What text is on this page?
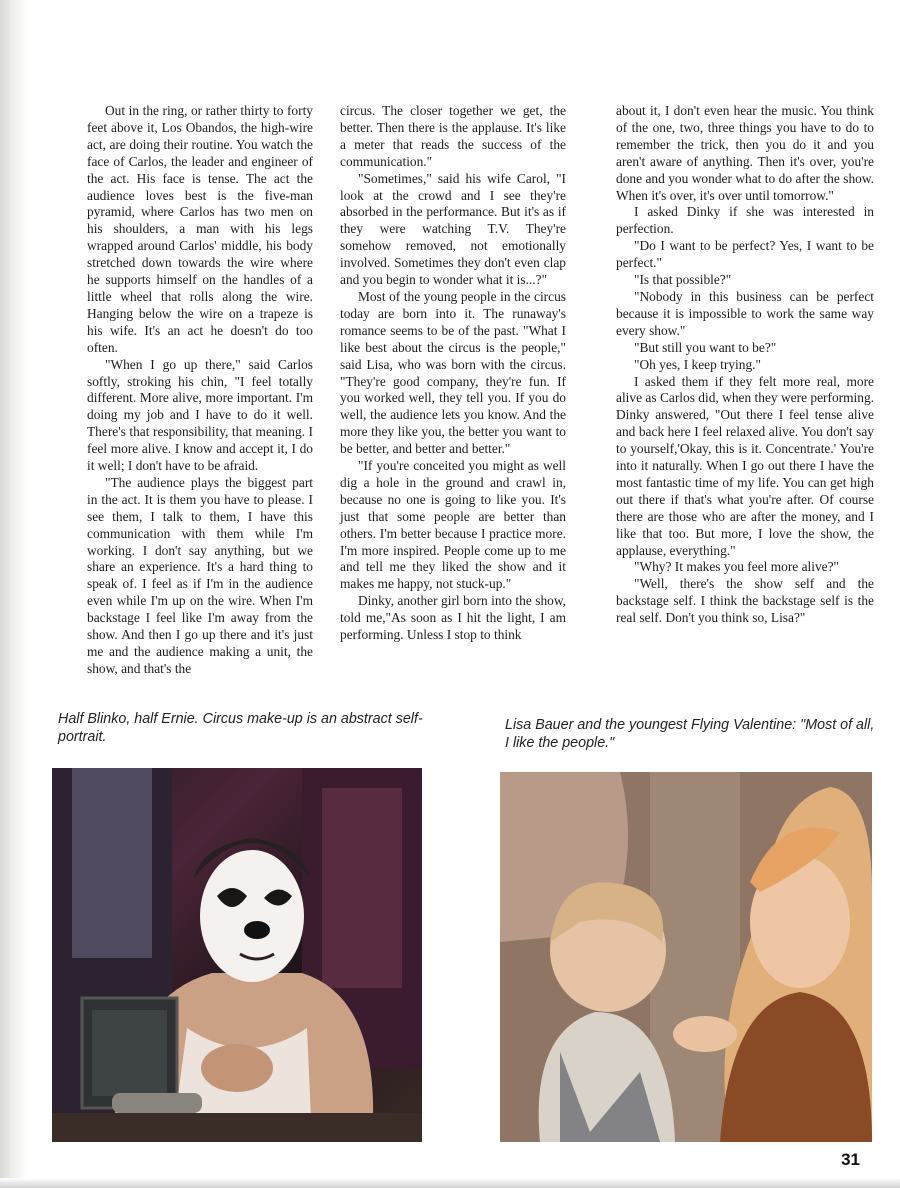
Out in the ring, or rather thirty to forty feet above it, Los Obandos, the high-wire act, are doing their routine. You watch the face of Carlos, the leader and engineer of the act. His face is tense. The act the audience loves best is the five-man pyramid, where Carlos has two men on his shoulders, a man with his legs wrapped around Carlos' middle, his body stretched down towards the wire where he supports himself on the handles of a little wheel that rolls along the wire. Hanging below the wire on a trapeze is his wife. It's an act he doesn't do too often.

"When I go up there," said Carlos softly, stroking his chin, "I feel totally different. More alive, more important. I'm doing my job and I have to do it well. There's that responsibility, that meaning. I feel more alive. I know and accept it, I do it well; I don't have to be afraid.

"The audience plays the biggest part in the act. It is them you have to please. I see them, I talk to them, I have this communication with them while I'm working. I don't say anything, but we share an experience. It's a hard thing to speak of. I feel as if I'm in the audience even while I'm up on the wire. When I'm backstage I feel like I'm away from the show. And then I go up there and it's just me and the audience making a unit, the show, and that's the

circus. The closer together we get, the better. Then there is the applause. It's like a meter that reads the success of the communication."

"Sometimes," said his wife Carol, "I look at the crowd and I see they're absorbed in the performance. But it's as if they were watching T.V. They're somehow removed, not emotionally involved. Sometimes they don't even clap and you begin to wonder what it is...?"

Most of the young people in the circus today are born into it. The runaway's romance seems to be of the past. "What I like best about the circus is the people," said Lisa, who was born with the circus. "They're good company, they're fun. If you worked well, they tell you. If you do well, the audience lets you know. And the more they like you, the better you want to be better, and better and better."

"If you're conceited you might as well dig a hole in the ground and crawl in, because no one is going to like you. It's just that some people are better than others. I'm better because I practice more. I'm more inspired. People come up to me and tell me they liked the show and it makes me happy, not stuck-up."

Dinky, another girl born into the show, told me,"As soon as I hit the light, I am performing. Unless I stop to think

about it, I don't even hear the music. You think of the one, two, three things you have to do to remember the trick, then you do it and you aren't aware of anything. Then it's over, you're done and you wonder what to do after the show. When it's over, it's over until tomorrow."

I asked Dinky if she was interested in perfection.

"Do I want to be perfect? Yes, I want to be perfect."

"Is that possible?"

"Nobody in this business can be perfect because it is impossible to work the same way every show."

"But still you want to be?"

"Oh yes, I keep trying."

I asked them if they felt more real, more alive as Carlos did, when they were performing. Dinky answered, "Out there I feel tense alive and back here I feel relaxed alive. You don't say to yourself,'Okay, this is it. Concentrate.' You're into it naturally. When I go out there I have the most fantastic time of my life. You can get high out there if that's what you're after. Of course there are those who are after the money, and I like that too. But more, I love the show, the applause, everything."

"Why? It makes you feel more alive?"

"Well, there's the show self and the backstage self. I think the backstage self is the real self. Don't you think so, Lisa?"

Half Blinko, half Ernie. Circus make-up is an abstract self-portrait.
Lisa Bauer and the youngest Flying Valentine: "Most of all, I like the people."
31
